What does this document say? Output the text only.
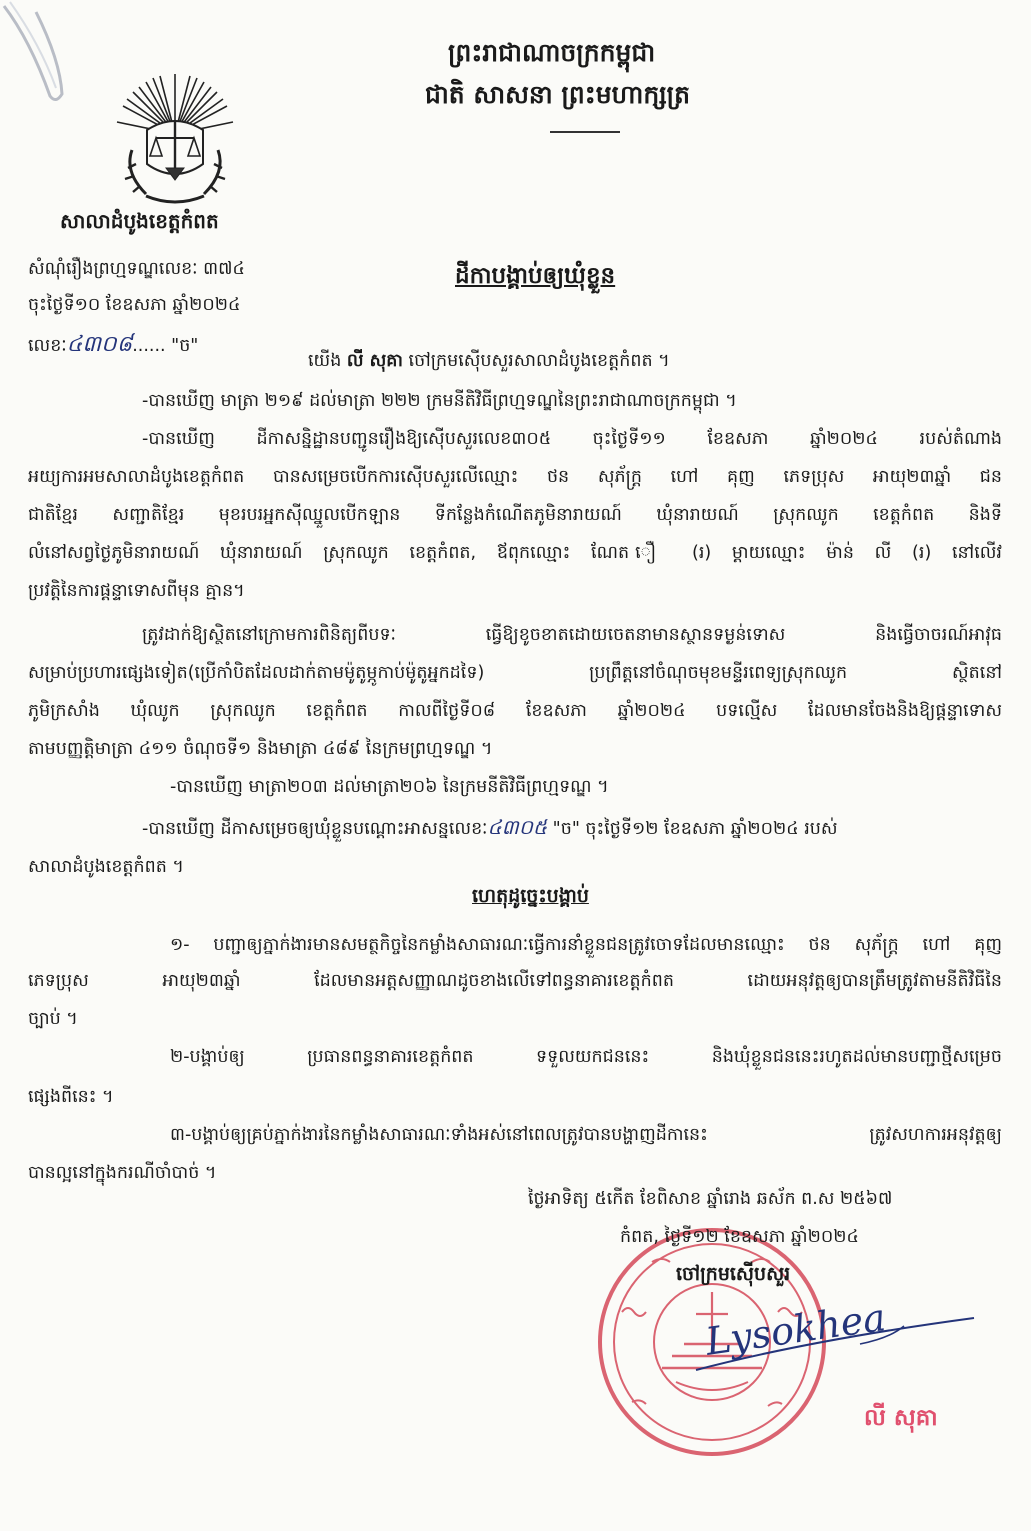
ព្រះរាជាណាចក្រកម្ពុជា
ជាតិ សាសនា ព្រះមហាក្សត្រ
សាលាដំបូងខេត្តកំពត
សំណុំរឿងព្រហ្មទណ្ឌលេខៈ ៣៧៤
ចុះថ្ងៃទី១០ ខែឧសភា ឆ្នាំ២០២៤
លេខៈ៤៣០៨...... "ច"
ដីកាបង្គាប់ឲ្យឃុំខ្លួន
យើង លី សុគា ចៅក្រមស៊ើបសួរសាលាដំបូងខេត្តកំពត ។
-បានឃើញ មាត្រា ២១៩ ដល់មាត្រា ២២២ ក្រមនីតិវិធីព្រហ្មទណ្ឌនៃព្រះរាជាណាចក្រកម្ពុជា ។
-បានឃើញ ដីកាសន្និដ្ឋានបញ្ជូនរឿងឱ្យស៊ើបសួរលេខ៣០៥ ចុះថ្ងៃទី១១ ខែឧសភា ឆ្នាំ២០២៤ របស់តំណាង
អយ្យការអមសាលាដំបូងខេត្តកំពត បានសម្រេចបើកការស៊ើបសួរលើឈ្មោះ ថន សុភ័ក្ត្រ ហៅ គុញ ភេទប្រុស អាយុ២៣ឆ្នាំ ជន
ជាតិខ្មែរ សញ្ជាតិខ្មែរ មុខរបរអ្នកស៊ីឈ្នួលបើកឡាន ទីកន្លែងកំណើតភូមិនារាយណ៍ ឃុំនារាយណ៍ ស្រុកឈូក ខេត្តកំពត និងទី
លំនៅសព្វថ្ងៃភូមិនារាយណ៍ ឃុំនារាយណ៍ ស្រុកឈូក ខេត្តកំពត, ឪពុកឈ្មោះ ណែត ឿ (រ) ម្ដាយឈ្មោះ ម៉ាន់ លី (រ) នៅលើវ
ប្រវត្តិនៃការផ្តន្ទាទោសពីមុន គ្មាន។
ត្រូវដាក់ឱ្យស្ថិតនៅក្រោមការពិនិត្យពីបទៈ ធ្វើឱ្យខូចខាតដោយចេតនាមានស្ថានទម្ងន់ទោស និងធ្វើចាចរណ៍អាវុធ
សម្រាប់ប្រហារផ្សេងទៀត(ប្រើកាំបិតដែលដាក់តាមម៉ូតូម្ភូកាប់ម៉ូតូអ្នកដទៃ) ប្រព្រឹត្តនៅចំណុចមុខមន្ទីរពេទ្យស្រុកឈូក ស្ថិតនៅ
ភូមិក្រសាំង ឃុំឈូក ស្រុកឈូក ខេត្តកំពត កាលពីថ្ងៃទី០៨ ខែឧសភា ឆ្នាំ២០២៤ បទល្មើស ដែលមានចែងនិងឱ្យផ្តន្ទាទោស
តាមបញ្ញត្តិមាត្រា ៤១១ ចំណុចទី១ និងមាត្រា ៤៨៩ នៃក្រមព្រហ្មទណ្ឌ ។
-បានឃើញ មាត្រា២០៣ ដល់មាត្រា២០៦ នៃក្រមនីតិវិធីព្រហ្មទណ្ឌ ។
-បានឃើញ ដីកាសម្រេចឲ្យឃុំខ្លួនបណ្ដោះអាសន្នលេខៈ៤៣០៥ "ច" ចុះថ្ងៃទី១២ ខែឧសភា ឆ្នាំ២០២៤ របស់
សាលាដំបូងខេត្តកំពត ។
ហេតុដូច្នេះបង្គាប់
១- បញ្ជាឲ្យភ្នាក់ងារមានសមត្ថកិច្ចនៃកម្លាំងសាធារណៈធ្វើការនាំខ្លួនជនត្រូវចោទដែលមានឈ្មោះ ថន សុភ័ក្ត្រ ហៅ គុញ
ភេទប្រុស អាយុ២៣ឆ្នាំ ដែលមានអត្តសញ្ញាណដូចខាងលើទៅពន្ធនាគារខេត្តកំពត ដោយអនុវត្តឲ្យបានត្រឹមត្រូវតាមនីតិវិធីនៃ
ច្បាប់ ។
២-បង្គាប់ឲ្យ ប្រធានពន្ធនាគារខេត្តកំពត ទទួលយកជននេះ និងឃុំខ្លួនជននេះរហូតដល់មានបញ្ជាថ្មីសម្រេច
ផ្សេងពីនេះ ។
៣-បង្គាប់ឲ្យគ្រប់ភ្នាក់ងារនៃកម្លាំងសាធារណៈទាំងអស់នៅពេលត្រូវបានបង្ហាញដីកានេះ ត្រូវសហការអនុវត្តឲ្យ
បានល្អនៅក្នុងករណីចាំបាច់ ។
ថ្ងៃអាទិត្យ ៥កើត ខែពិសាខ ឆ្នាំរោង ឆស័ក ព.ស ២៥៦៧
កំពត, ថ្ងៃទី១២ ខែឧសភា ឆ្នាំ២០២៤
ចៅក្រមស៊ើបសួរ
Lysokhea
លី សុគា
